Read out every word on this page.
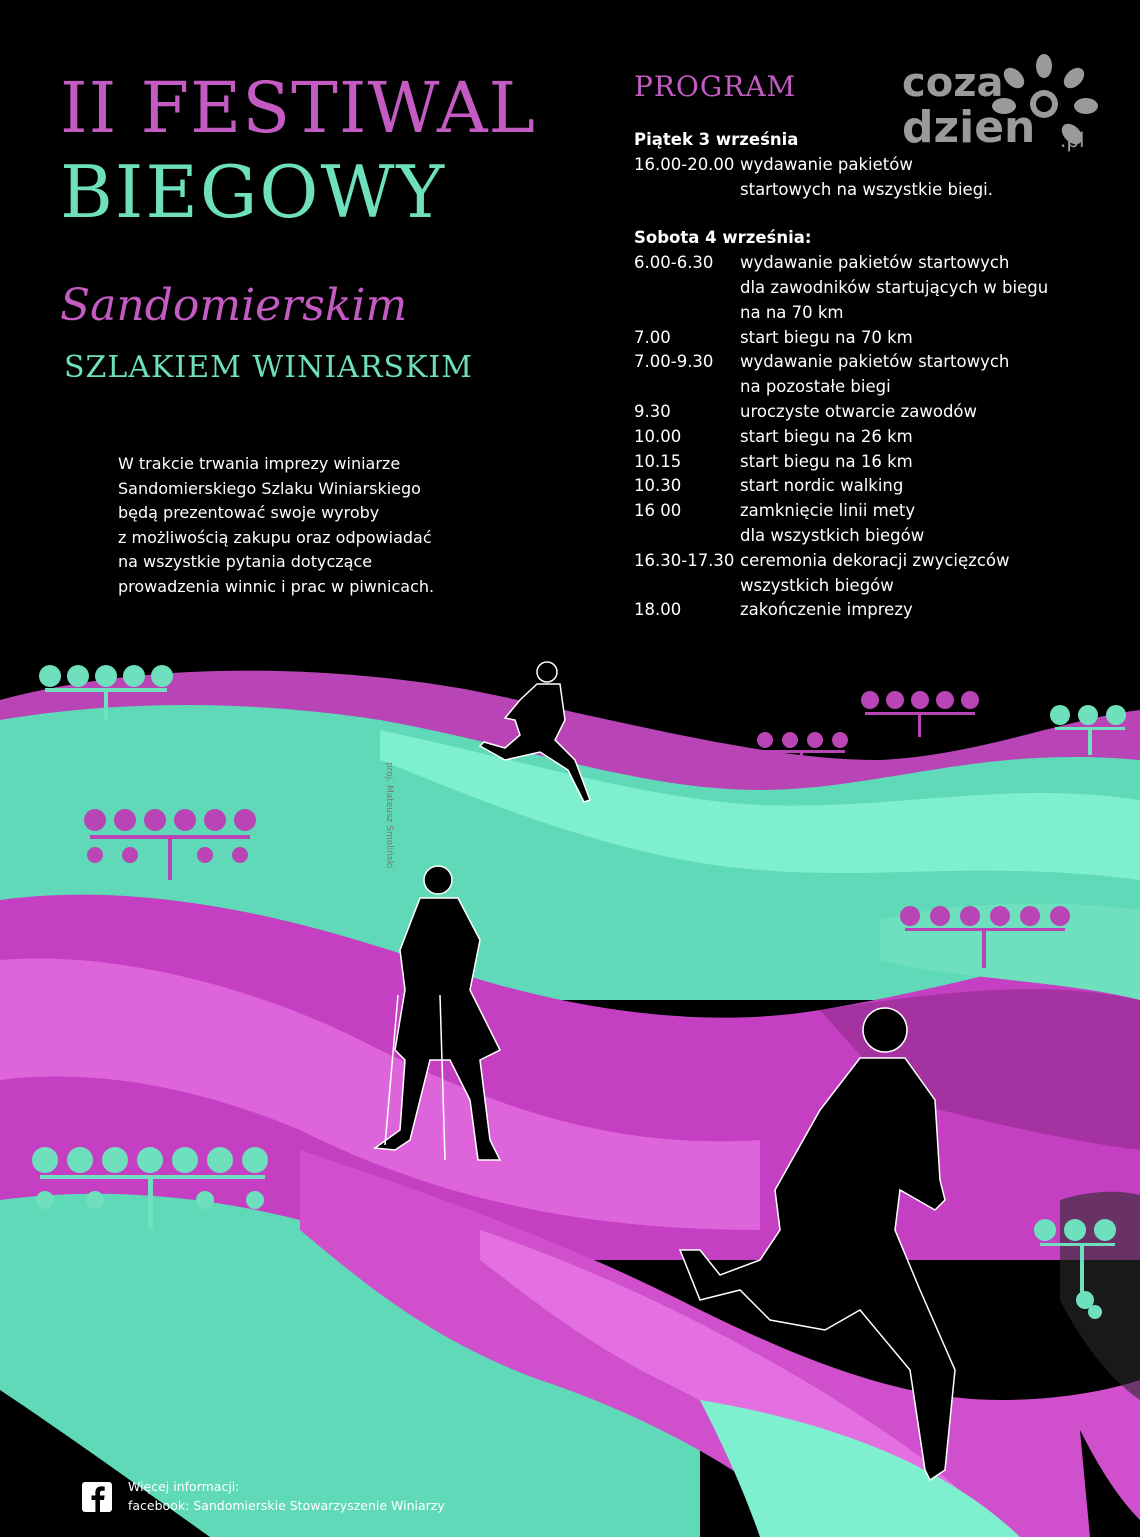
II FESTIWAL
BIEGOWY
Sandomierskim
SZLAKIEM WINIARSKIM
W trakcie trwania imprezy winiarze
Sandomierskiego Szlaku Winiarskiego
będą prezentować swoje wyroby
z możliwością zakupu oraz odpowiadać
na wszystkie pytania dotyczące
prowadzenia winnic i prac w piwnicach.
PROGRAM	coza
dzien .pl
Piątek 3 września
16.00-20.00 wydawanie pakietów
startowych na wszystkie biegi.
Sobota 4 września:
6.00-6.30	wydawanie pakietów startowych
dla zawodników startujących w biegu
na na 70 km
7.00	start biegu na 70 km
7.00-9.30	wydawanie pakietów startowych
na pozostałe biegi
9.30	uroczyste otwarcie zawodów
10.00	start biegu na 26 km
10.15	start biegu na 16 km
10.30	start nordic walking
16 00	zamknięcie linii mety
dla wszystkich biegów
16.30-17.30 ceremonia dekoracji zwycięzców
wszystkich biegów
18.00	zakończenie imprezy
proj. Mateusz Smoliński
Więcej informacji:
facebook: Sandomierskie Stowarzyszenie Winiarzy
